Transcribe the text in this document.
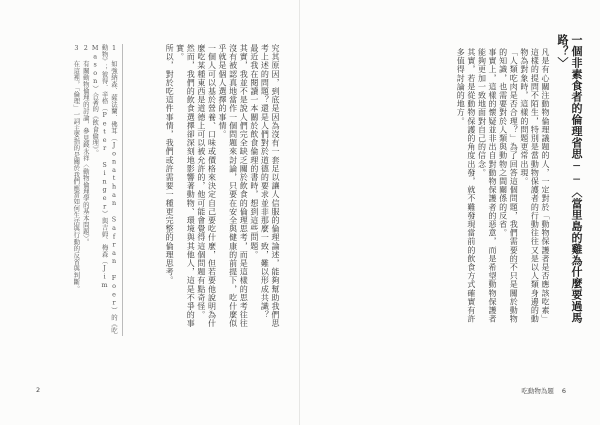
究其原因，到底是因為沒有一套足以讓人信服的倫理論述，能夠幫助我們思考上述的問題？還是人們對於道德的要求並非那麼一致，難以形成共識？

最近我在閱讀一本關於飲食倫理的書時，想到這些問題。

其實，我並不是說人們完全缺乏關於飲食的倫理思考，而是這樣的思考往往沒有被認真地當作一個問題來討論，只要在安全與健康的前提下，吃什麼似乎就是個人選擇的事情。

一個人可以基於營養、口味或價格來決定自己要吃什麼，但若要他說明為什麼吃某種東西是道德上可以被允許的，他可能會覺得這個問題有點奇怪。

然而，我們的飲食選擇卻深刻地影響著動物、環境與其他人，這是不爭的事實。

所以，對於吃這件事情，我們或許需要一種更完整的倫理思考。

1 如強納森．薩法蘭．佛耳（Jonathan Safran Foer）的《吃動物》；彼得．辛格（Peter Singer）與吉姆．梅森（Jim Mason）合著的《飲食倫理》。

2 有關動物倫理的討論，參見錢永祥〈動物倫理學的基本問題〉。

3 在這裡，「倫理」一詞主要指的是關於我們應當如何生活與行動的反省與判斷。

2
一個非素食者的倫理省思──〈當里島的雞為什麼要過馬路？〉

凡是有心關注動物倫理議題的人，一定對於「動物保護者是否應該吃素」這樣的提問不陌生，特別是當動物保護者的行動往往又是以人類身邊的動物為對象時，這樣的問題更常出現。

「人類吃肉是否合理？」為了回答這個問題，我們需要的不只是關於動物的知識，也需要對於人類與動物之間關係的反省。

事實上，這樣的懷疑並非出自對動物保護者的惡意，而是希望動物保護者能夠更加一致地面對自己的信念。

其實，若是從動物保護的角度出發，就不難發現當前的飲食方式確實有許多值得討論的地方。

吃動物為題 6
